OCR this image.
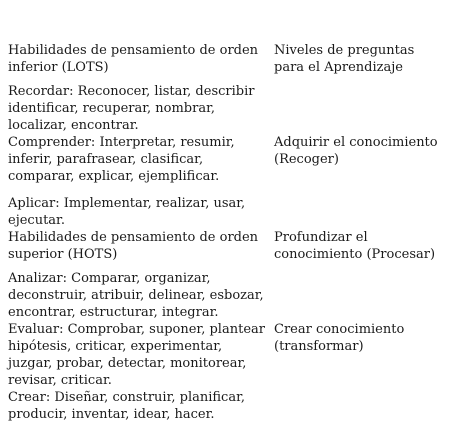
Habilidades de pensamiento de orden
inferior (LOTS)
Recordar: Reconocer, listar, describir
identificar, recuperar, nombrar,
localizar, encontrar.
Comprender: Interpretar, resumir,
inferir, parafrasear, clasificar,
comparar, explicar, ejemplificar.
Aplicar: Implementar, realizar, usar,
ejecutar.
Habilidades de pensamiento de orden
superior (HOTS)
Analizar: Comparar, organizar,
deconstruir, atribuir, delinear, esbozar,
encontrar, estructurar, integrar.
Evaluar: Comprobar, suponer, plantear
hipótesis, criticar, experimentar,
juzgar, probar, detectar, monitorear,
revisar, criticar.
Crear: Diseñar, construir, planificar,
producir, inventar, idear, hacer.
Niveles de preguntas
para el Aprendizaje
Adquirir el conocimiento
(Recoger)
Profundizar el
conocimiento (Procesar)
Crear conocimiento
(transformar)
